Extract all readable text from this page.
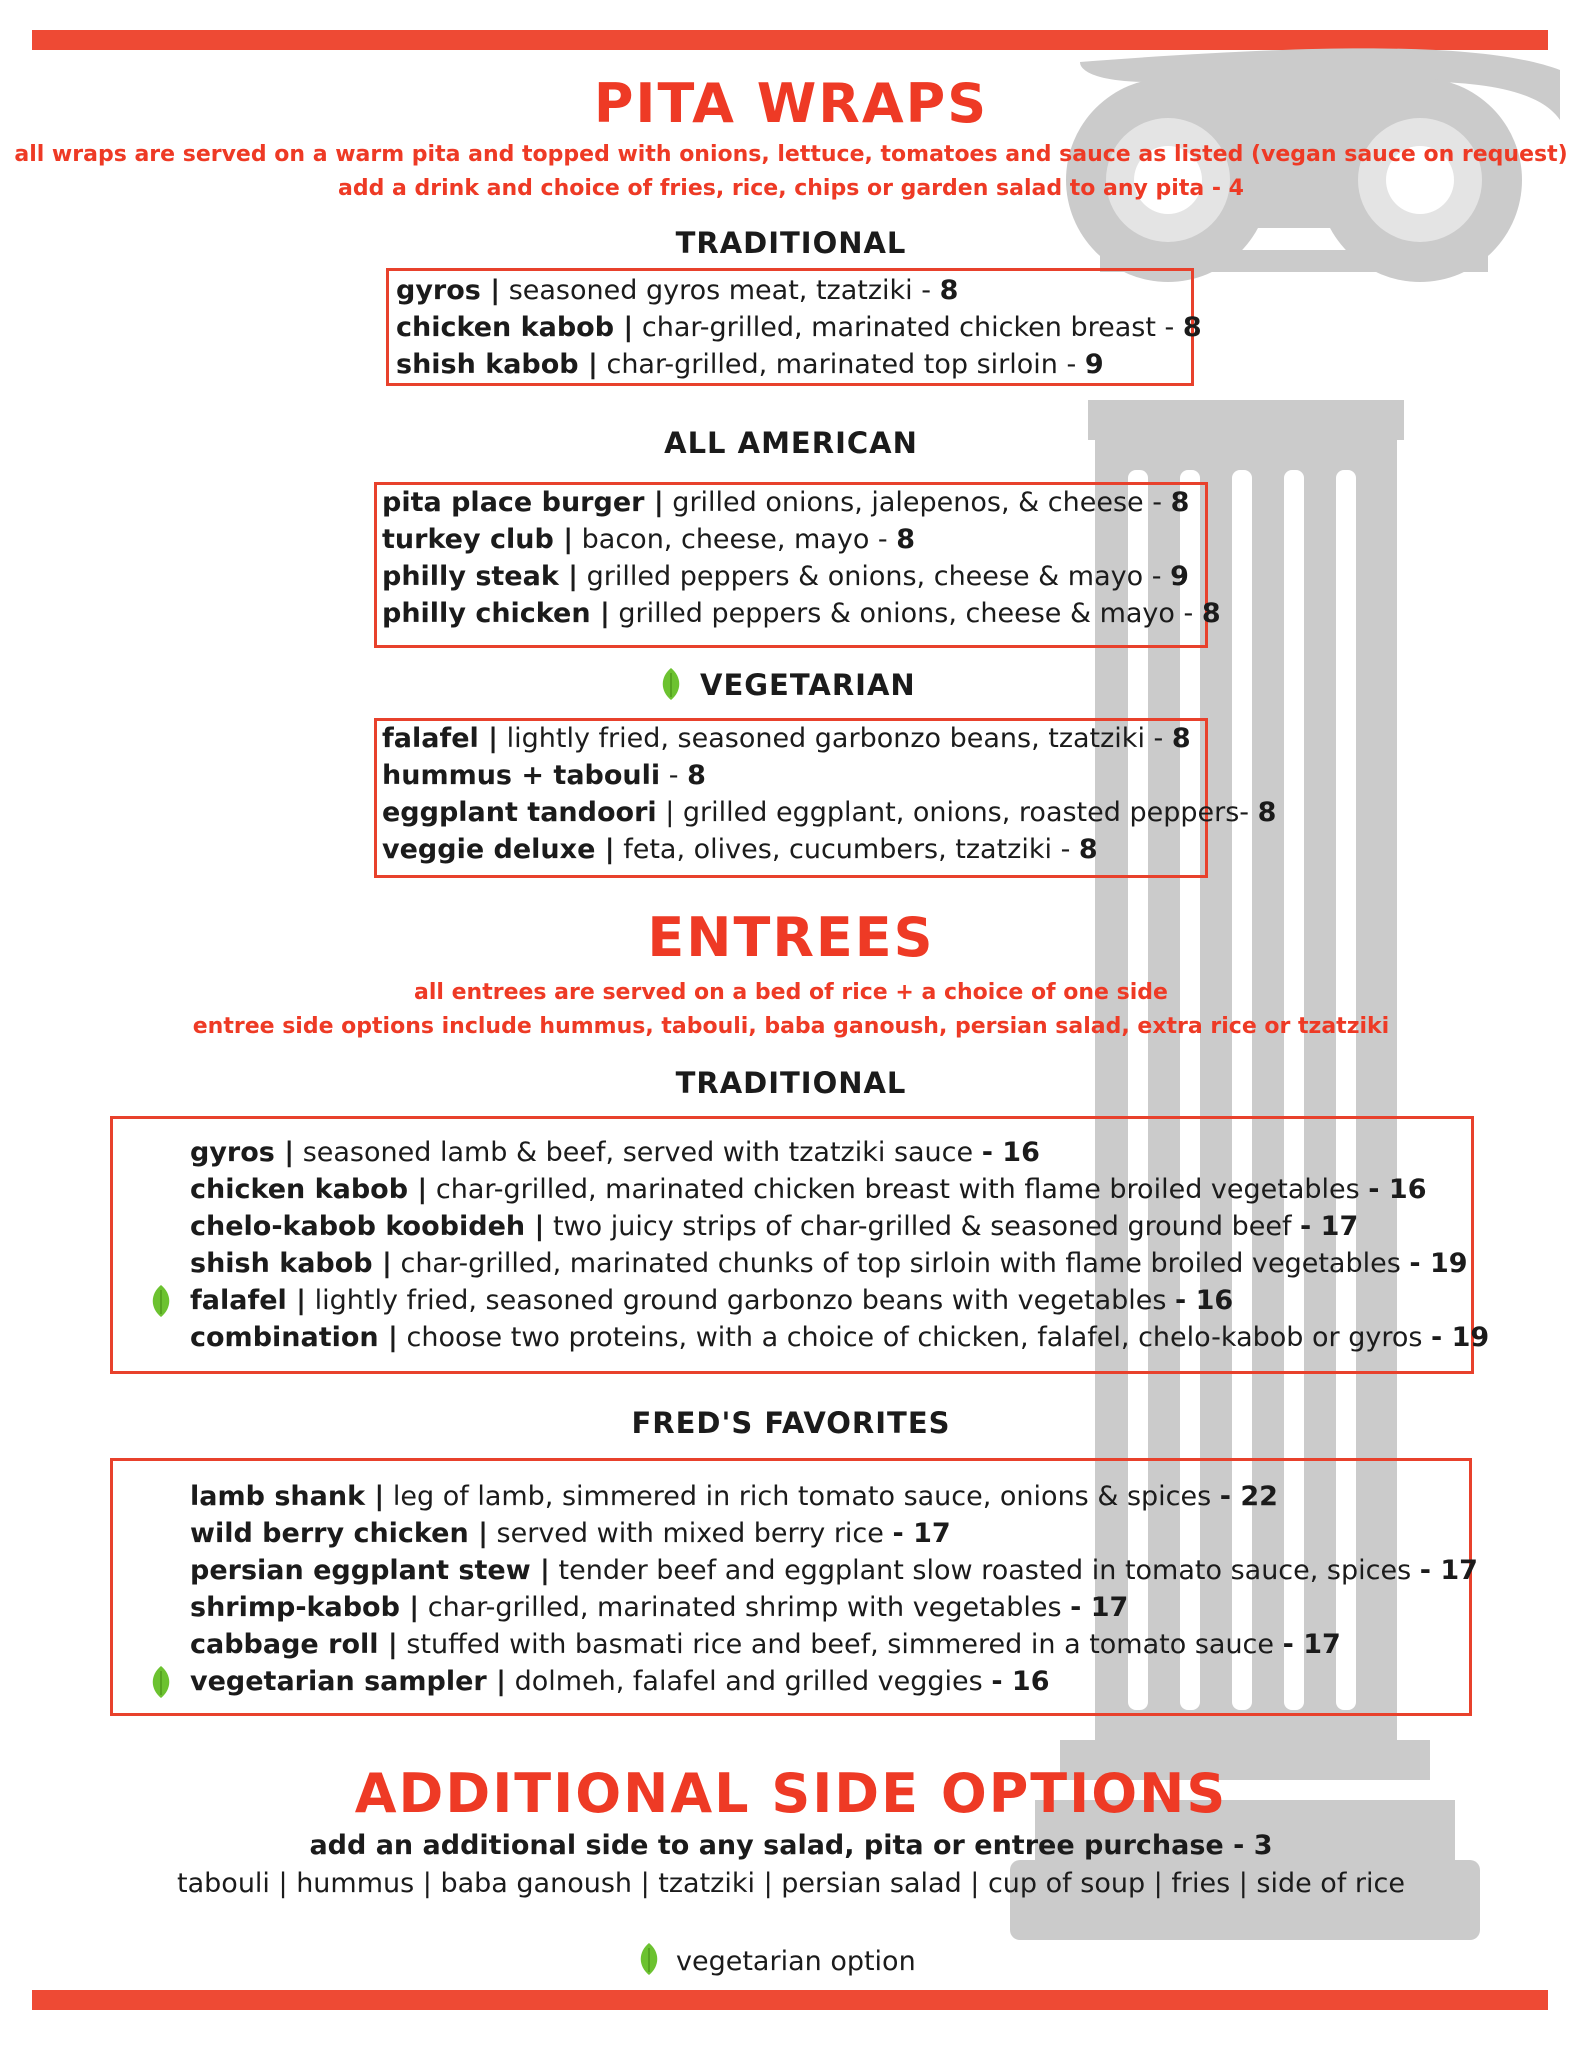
PITA WRAPS
all wraps are served on a warm pita and topped with onions, lettuce, tomatoes and sauce as listed (vegan sauce on request)
add a drink and choice of fries, rice, chips or garden salad to any pita - 4
TRADITIONAL
gyros | seasoned gyros meat, tzatziki - 8
chicken kabob | char-grilled, marinated chicken breast - 8
shish kabob | char-grilled, marinated top sirloin - 9
ALL AMERICAN
pita place burger | grilled onions, jalepenos, & cheese - 8
turkey club | bacon, cheese, mayo - 8
philly steak | grilled peppers & onions, cheese & mayo - 9
philly chicken | grilled peppers & onions, cheese & mayo - 8
VEGETARIAN
falafel | lightly fried, seasoned garbonzo beans, tzatziki - 8
hummus + tabouli - 8
eggplant tandoori | grilled eggplant, onions, roasted peppers- 8
veggie deluxe | feta, olives, cucumbers, tzatziki - 8
ENTREES
all entrees are served on a bed of rice + a choice of one side
entree side options include hummus, tabouli, baba ganoush, persian salad, extra rice or tzatziki
TRADITIONAL
gyros | seasoned lamb & beef, served with tzatziki sauce - 16
chicken kabob | char-grilled, marinated chicken breast with flame broiled vegetables - 16
chelo-kabob koobideh | two juicy strips of char-grilled & seasoned ground beef - 17
shish kabob | char-grilled, marinated chunks of top sirloin with flame broiled vegetables - 19
falafel | lightly fried, seasoned ground garbonzo beans with vegetables - 16
combination | choose two proteins, with a choice of chicken, falafel, chelo-kabob or gyros - 19
FRED'S FAVORITES
lamb shank | leg of lamb, simmered in rich tomato sauce, onions & spices - 22
wild berry chicken | served with mixed berry rice - 17
persian eggplant stew | tender beef and eggplant slow roasted in tomato sauce, spices - 17
shrimp-kabob | char-grilled, marinated shrimp with vegetables - 17
cabbage roll | stuffed with basmati rice and beef, simmered in a tomato sauce - 17
vegetarian sampler | dolmeh, falafel and grilled veggies - 16
ADDITIONAL SIDE OPTIONS
add an additional side to any salad, pita or entree purchase - 3
tabouli | hummus | baba ganoush | tzatziki | persian salad | cup of soup | fries | side of rice
vegetarian option
